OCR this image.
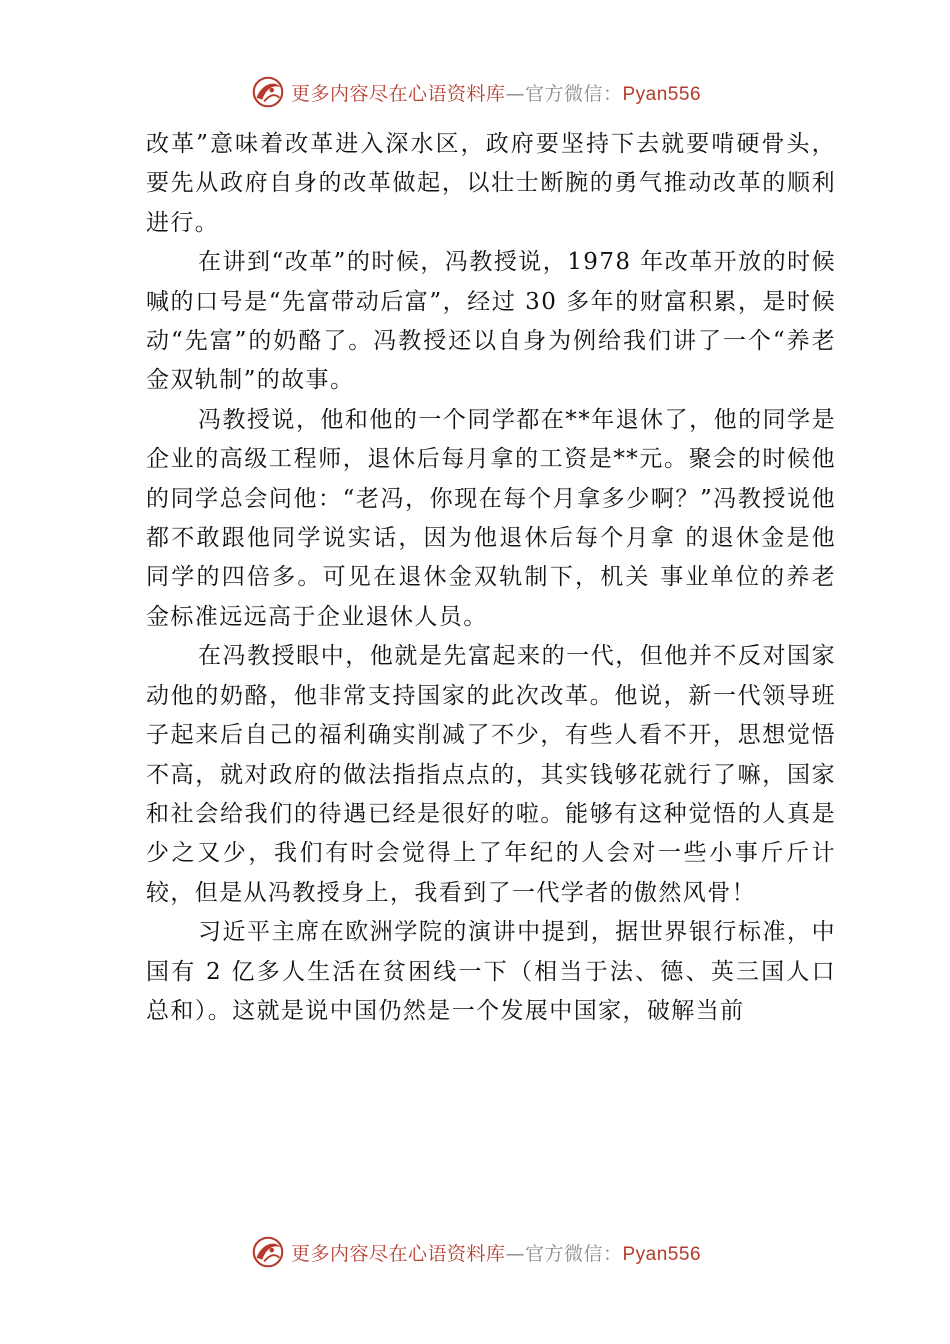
更多内容尽在心语资料库—官方微信：Pyan556

改革”意味着改革进入深水区，政府要坚持下去就要啃硬骨头，要先从政府自身的改革做起，以壮士断腕的勇气推动改革的顺利进行。

在讲到“改革”的时候，冯教授说，1978 年改革开放的时候喊的口号是“先富带动后富”，经过 30 多年的财富积累，是时候动“先富”的奶酪了。冯教授还以自身为例给我们讲了一个“养老金双轨制”的故事。

冯教授说，他和他的一个同学都在**年退休了，他的同学是企业的高级工程师，退休后每月拿的工资是**元。聚会的时候他的同学总会问他：“老冯，你现在每个月拿多少啊？”冯教授说他都不敢跟他同学说实话，因为他退休后每个月拿 的退休金是他同学的四倍多。可见在退休金双轨制下，机关 事业单位的养老金标准远远高于企业退休人员。

在冯教授眼中，他就是先富起来的一代，但他并不反对国家动他的奶酪，他非常支持国家的此次改革。他说，新一代领导班子起来后自己的福利确实削减了不少，有些人看不开，思想觉悟不高，就对政府的做法指指点点的，其实钱够花就行了嘛，国家和社会给我们的待遇已经是很好的啦。能够有这种觉悟的人真是少之又少，我们有时会觉得上了年纪的人会对一些小事斤斤计较，但是从冯教授身上，我看到了一代学者的傲然风骨！

习近平主席在欧洲学院的演讲中提到，据世界银行标准，中国有 2 亿多人生活在贫困线一下（相当于法、德、英三国人口总和）。这就是说中国仍然是一个发展中国家，破解当前

更多内容尽在心语资料库—官方微信：Pyan556
